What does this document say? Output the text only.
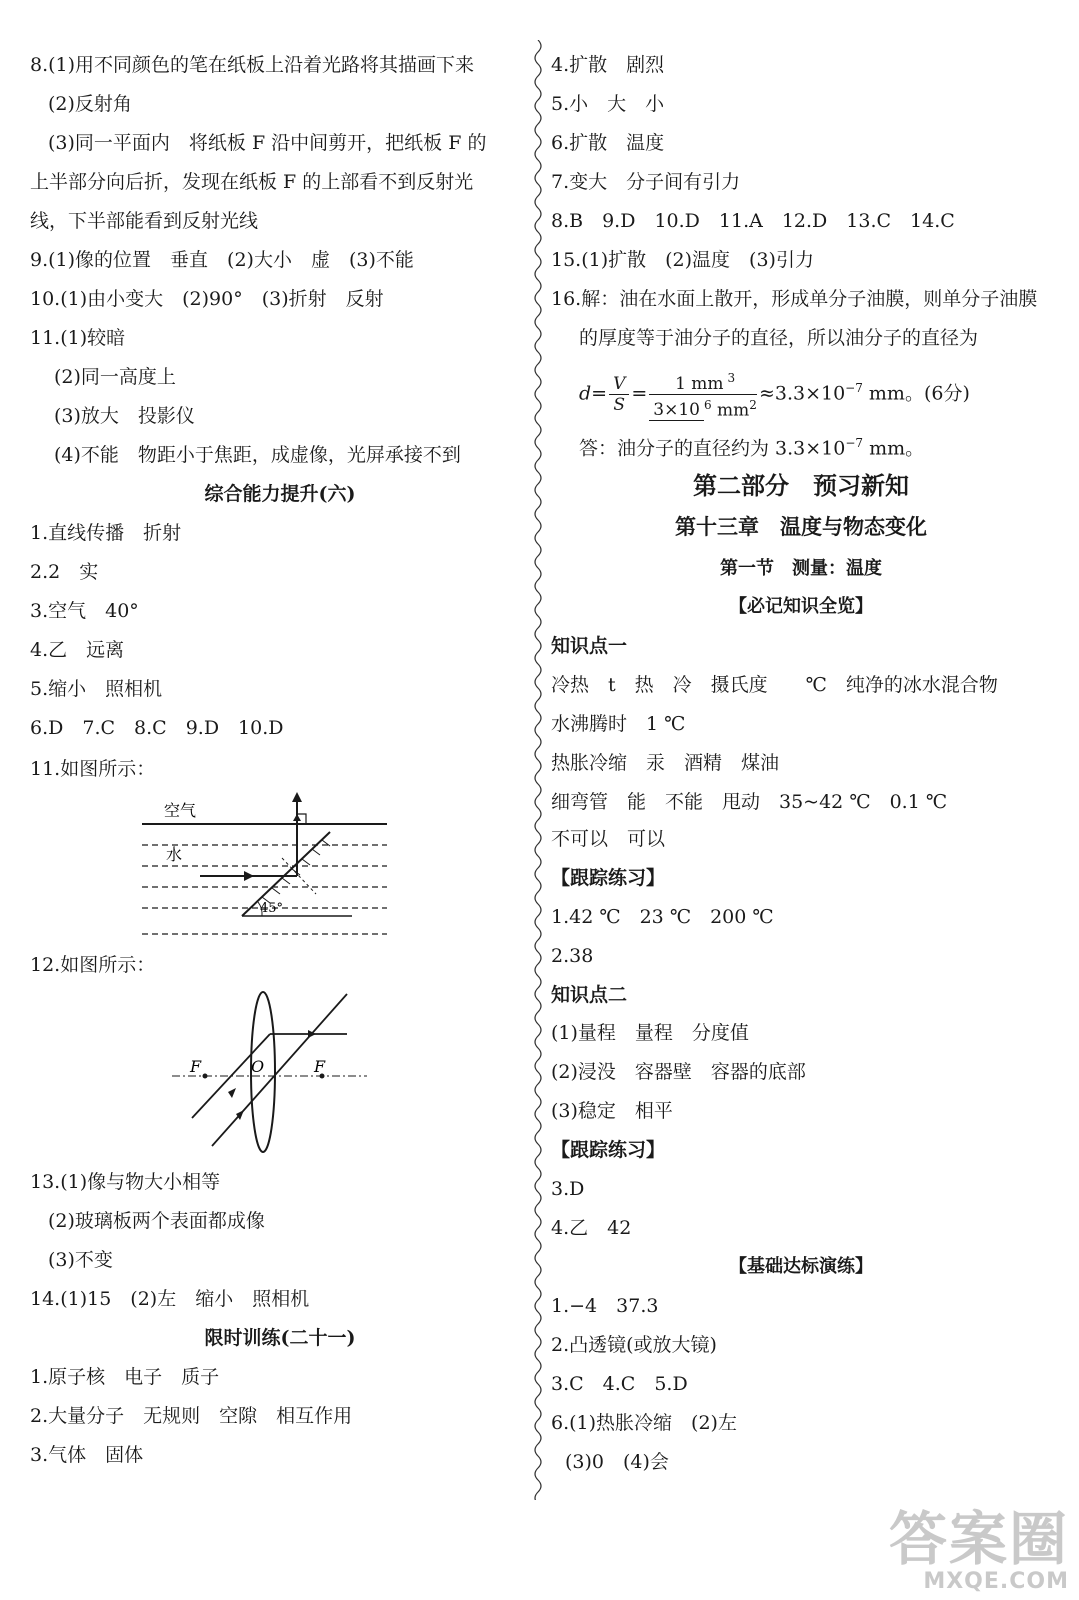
8.(1)用不同颜色的笔在纸板上沿着光路将其描画下来
(2)反射角
(3)同一平面内　将纸板 F 沿中间剪开，把纸板 F 的
上半部分向后折，发现在纸板 F 的上部看不到反射光
线，下半部能看到反射光线
9.(1)像的位置　垂直　(2)大小　虚　(3)不能
10.(1)由小变大　(2)90°　(3)折射　反射
11.(1)较暗
(2)同一高度上
(3)放大　投影仪
(4)不能　物距小于焦距，成虚像，光屏承接不到
综合能力提升(六)
1.直线传播　折射
2.2　实
3.空气　40°
4.乙　远离
5.缩小　照相机
6.D　7.C　8.C　9.D　10.D
11.如图所示：
空气
水
45°
12.如图所示：
F	O	F
13.(1)像与物大小相等
(2)玻璃板两个表面都成像
(3)不变
14.(1)15　(2)左　缩小　照相机
限时训练(二十一)
1.原子核　电子　质子
2.大量分子　无规则　空隙　相互作用
3.气体　固体
4.扩散　剧烈
5.小　大　小
6.扩散　温度
7.变大　分子间有引力
8.B　9.D　10.D　11.A　12.D　13.C　14.C
15.(1)扩散　(2)温度　(3)引力
16.解：油在水面上散开，形成单分子油膜，则单分子油膜
的厚度等于油分子的直径，所以油分子的直径为
$d= \frac{V}{S} = \frac{1 mm ^3}{3\times 10 ^6 mm^2} \approx 3.3\times 10^{-7}$ mm。(6分)
答：油分子的直径约为 $3.3\times 10^{-7}$ mm。
第二部分　预习新知
第十三章　温度与物态变化
第一节　测量：温度
【必记知识全览】
知识点一
冷热　t　热　冷　摄氏度　　℃　纯净的冰水混合物
水沸腾时　1 ℃
热胀冷缩　汞　酒精　煤油
细弯管　能　不能　甩动　35~42 ℃　0.1 ℃
不可以　可以
【跟踪练习】
1.42 ℃　23 ℃　200 ℃
2.38
知识点二
(1)量程　量程　分度值
(2)浸没　容器壁　容器的底部
(3)稳定　相平
【跟踪练习】
3.D
4.乙　42
【基础达标演练】
1.−4　37.3
2.凸透镜(或放大镜)
3.C　4.C　5.D
6.(1)热胀冷缩　(2)左
(3)0　(4)会
答案圈
MXQE.COM
